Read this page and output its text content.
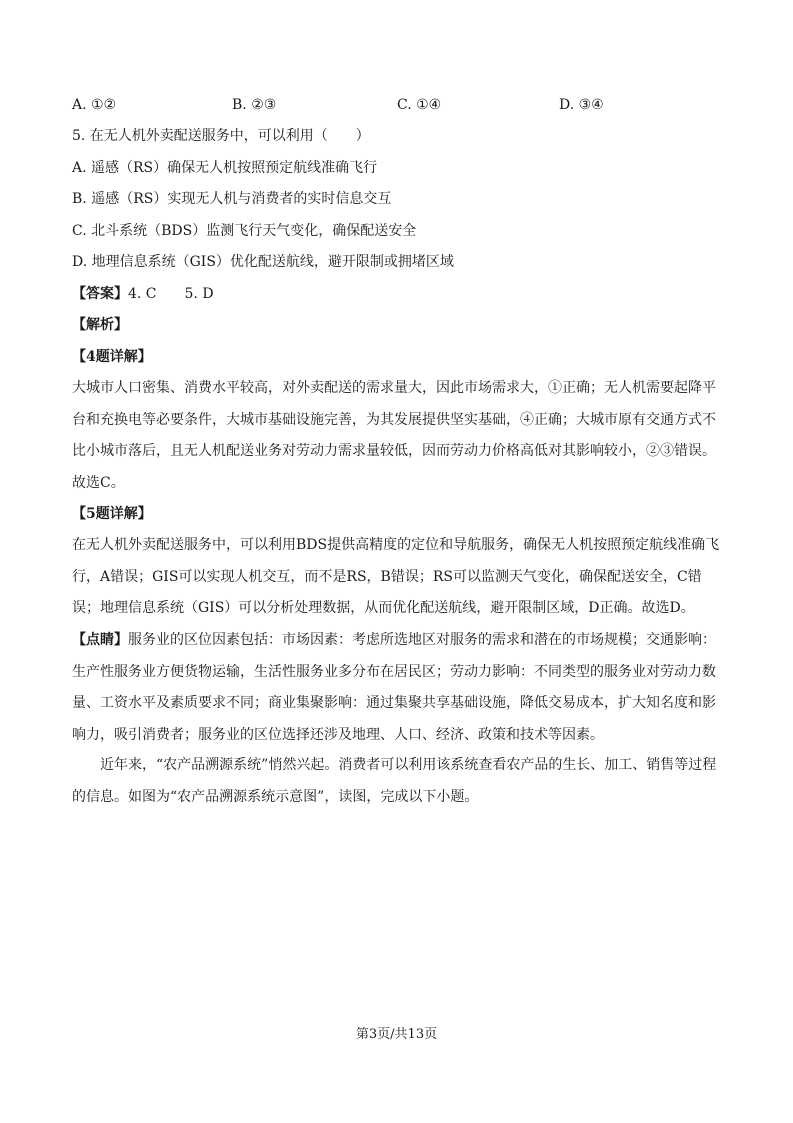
A. ①②	B. ②③	C. ①④	D. ③④
5. 在无人机外卖配送服务中，可以利用（　　）
A. 遥感（RS）确保无人机按照预定航线准确飞行
B. 遥感（RS）实现无人机与消费者的实时信息交互
C. 北斗系统（BDS）监测飞行天气变化，确保配送安全
D. 地理信息系统（GIS）优化配送航线，避开限制或拥堵区域
【答案】4. C　　5. D
【解析】
【4题详解】
大城市人口密集、消费水平较高，对外卖配送的需求量大，因此市场需求大，①正确；无人机需要起降平台和充换电等必要条件，大城市基础设施完善，为其发展提供坚实基础，④正确；大城市原有交通方式不比小城市落后，且无人机配送业务对劳动力需求量较低，因而劳动力价格高低对其影响较小，②③错误。故选C。
【5题详解】
在无人机外卖配送服务中，可以利用BDS提供高精度的定位和导航服务，确保无人机按照预定航线准确飞行，A错误；GIS可以实现人机交互，而不是RS，B错误；RS可以监测天气变化，确保配送安全，C错误；地理信息系统（GIS）可以分析处理数据，从而优化配送航线，避开限制区域，D正确。故选D。
【点睛】服务业的区位因素包括：市场因素：考虑所选地区对服务的需求和潜在的市场规模；交通影响：生产性服务业方便货物运输，生活性服务业多分布在居民区；劳动力影响：不同类型的服务业对劳动力数量、工资水平及素质要求不同；商业集聚影响：通过集聚共享基础设施，降低交易成本，扩大知名度和影响力，吸引消费者；服务业的区位选择还涉及地理、人口、经济、政策和技术等因素。
近年来，“农产品溯源系统”悄然兴起。消费者可以利用该系统查看农产品的生长、加工、销售等过程的信息。如图为“农产品溯源系统示意图”，读图，完成以下小题。
第3页/共13页
